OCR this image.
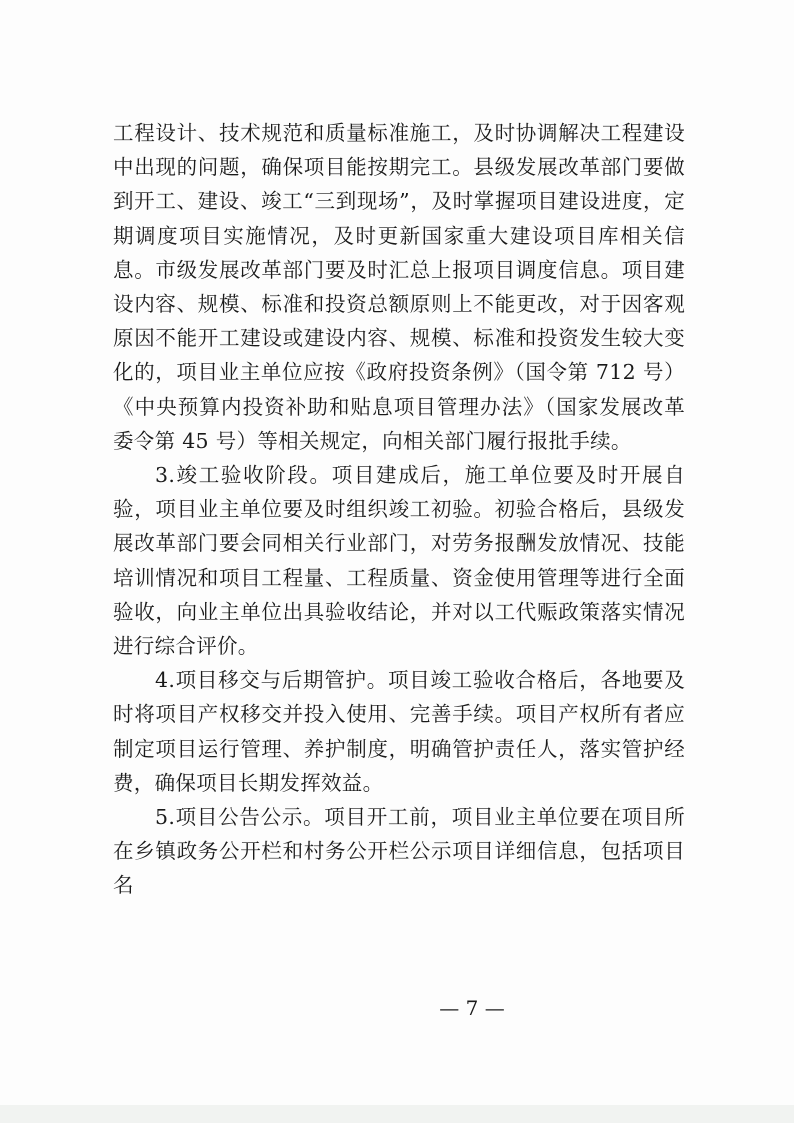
工程设计、技术规范和质量标准施工，及时协调解决工程建设中出现的问题，确保项目能按期完工。县级发展改革部门要做到开工、建设、竣工“三到现场”，及时掌握项目建设进度，定期调度项目实施情况，及时更新国家重大建设项目库相关信息。市级发展改革部门要及时汇总上报项目调度信息。项目建设内容、规模、标准和投资总额原则上不能更改，对于因客观原因不能开工建设或建设内容、规模、标准和投资发生较大变化的，项目业主单位应按《政府投资条例》（国令第 712 号）《中央预算内投资补助和贴息项目管理办法》（国家发展改革委令第 45 号）等相关规定，向相关部门履行报批手续。

3.竣工验收阶段。项目建成后，施工单位要及时开展自验，项目业主单位要及时组织竣工初验。初验合格后，县级发展改革部门要会同相关行业部门，对劳务报酬发放情况、技能培训情况和项目工程量、工程质量、资金使用管理等进行全面验收，向业主单位出具验收结论，并对以工代赈政策落实情况进行综合评价。

4.项目移交与后期管护。项目竣工验收合格后，各地要及时将项目产权移交并投入使用、完善手续。项目产权所有者应制定项目运行管理、养护制度，明确管护责任人，落实管护经费，确保项目长期发挥效益。

5.项目公告公示。项目开工前，项目业主单位要在项目所在乡镇政务公开栏和村务公开栏公示项目详细信息，包括项目名

— 7 —
